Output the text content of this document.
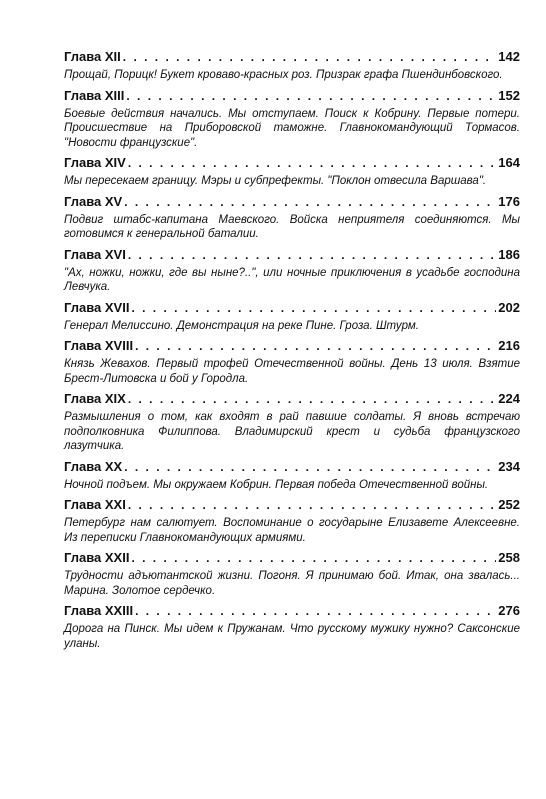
Глава XII . . .	142
Прощай, Порицк! Букет кроваво-красных роз. Призрак графа Пшендинбовского.
Глава XIII . . .	152
Боевые действия начались. Мы отступаем. Поиск к Кобрину. Первые потери. Происшествие на Приборовской таможне. Главнокомандующий Тормасов. "Новости французские".
Глава XIV . . .	164
Мы пересекаем границу. Мэры и субпрефекты. "Поклон отвесила Варшава".
Глава XV . . .	176
Подвиг штабс-капитана Маевского. Войска неприятеля соединяются. Мы готовимся к генеральной баталии.
Глава XVI . . .	186
"Ах, ножки, ножки, где вы ныне?..", или ночные приключения в усадьбе господина Левчука.
Глава XVII . . .	202
Генерал Мелиссино. Демонстрация на реке Пине. Гроза. Штурм.
Глава XVIII . . .	216
Князь Жевахов. Первый трофей Отечественной войны. День 13 июля. Взятие Брест-Литовска и бой у Городла.
Глава XIX . . .	224
Размышления о том, как входят в рай павшие солдаты. Я вновь встречаю подполковника Филиппова. Владимирский крест и судьба французского лазутчика.
Глава XX . . .	234
Ночной подъем. Мы окружаем Кобрин. Первая победа Отечественной войны.
Глава XXI . . .	252
Петербург нам салютует. Воспоминание о государыне Елизавете Алексеевне. Из переписки Главнокомандующих армиями.
Глава XXII . . .	258
Трудности адъютантской жизни. Погоня. Я принимаю бой. Итак, она звалась... Марина. Золотое сердечко.
Глава XXIII . . .	276
Дорога на Пинск. Мы идем к Пружанам. Что русскому мужику нужно? Саксонские уланы.
